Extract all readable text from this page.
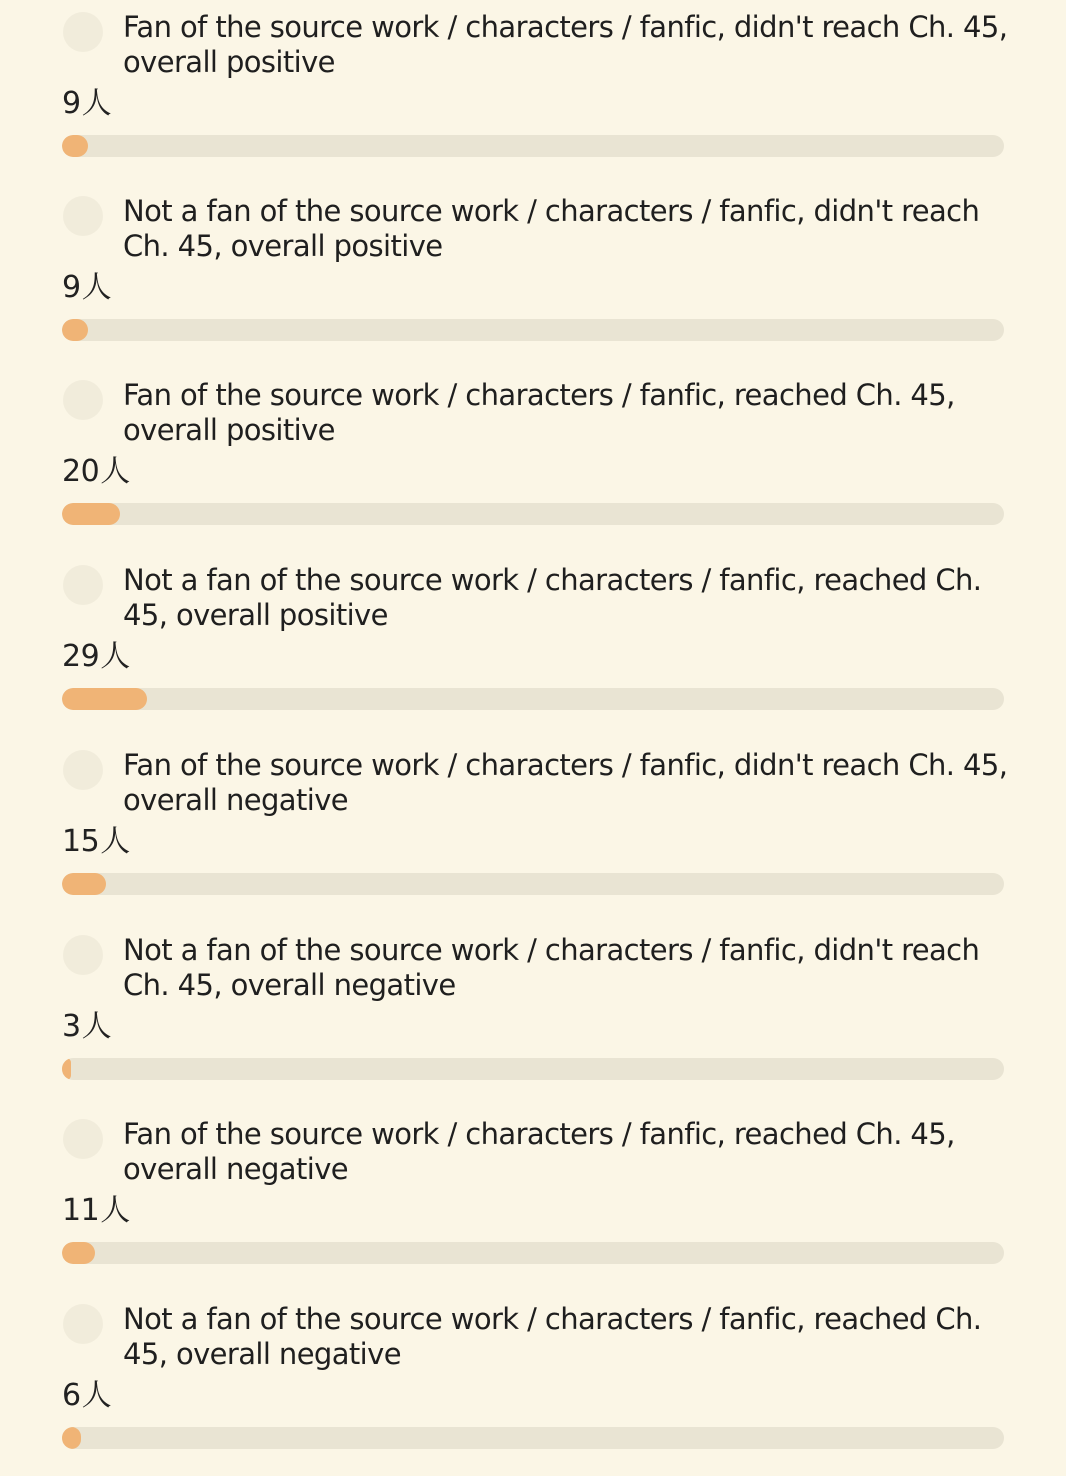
Fan of the source work / characters / fanfic, didn't reach Ch. 45, overall positive
9人
Not a fan of the source work / characters / fanfic, didn't reach Ch. 45, overall positive
9人
Fan of the source work / characters / fanfic, reached Ch. 45, overall positive
20人
Not a fan of the source work / characters / fanfic, reached Ch. 45, overall positive
29人
Fan of the source work / characters / fanfic, didn't reach Ch. 45, overall negative
15人
Not a fan of the source work / characters / fanfic, didn't reach Ch. 45, overall negative
3人
Fan of the source work / characters / fanfic, reached Ch. 45, overall negative
11人
Not a fan of the source work / characters / fanfic, reached Ch. 45, overall negative
6人
